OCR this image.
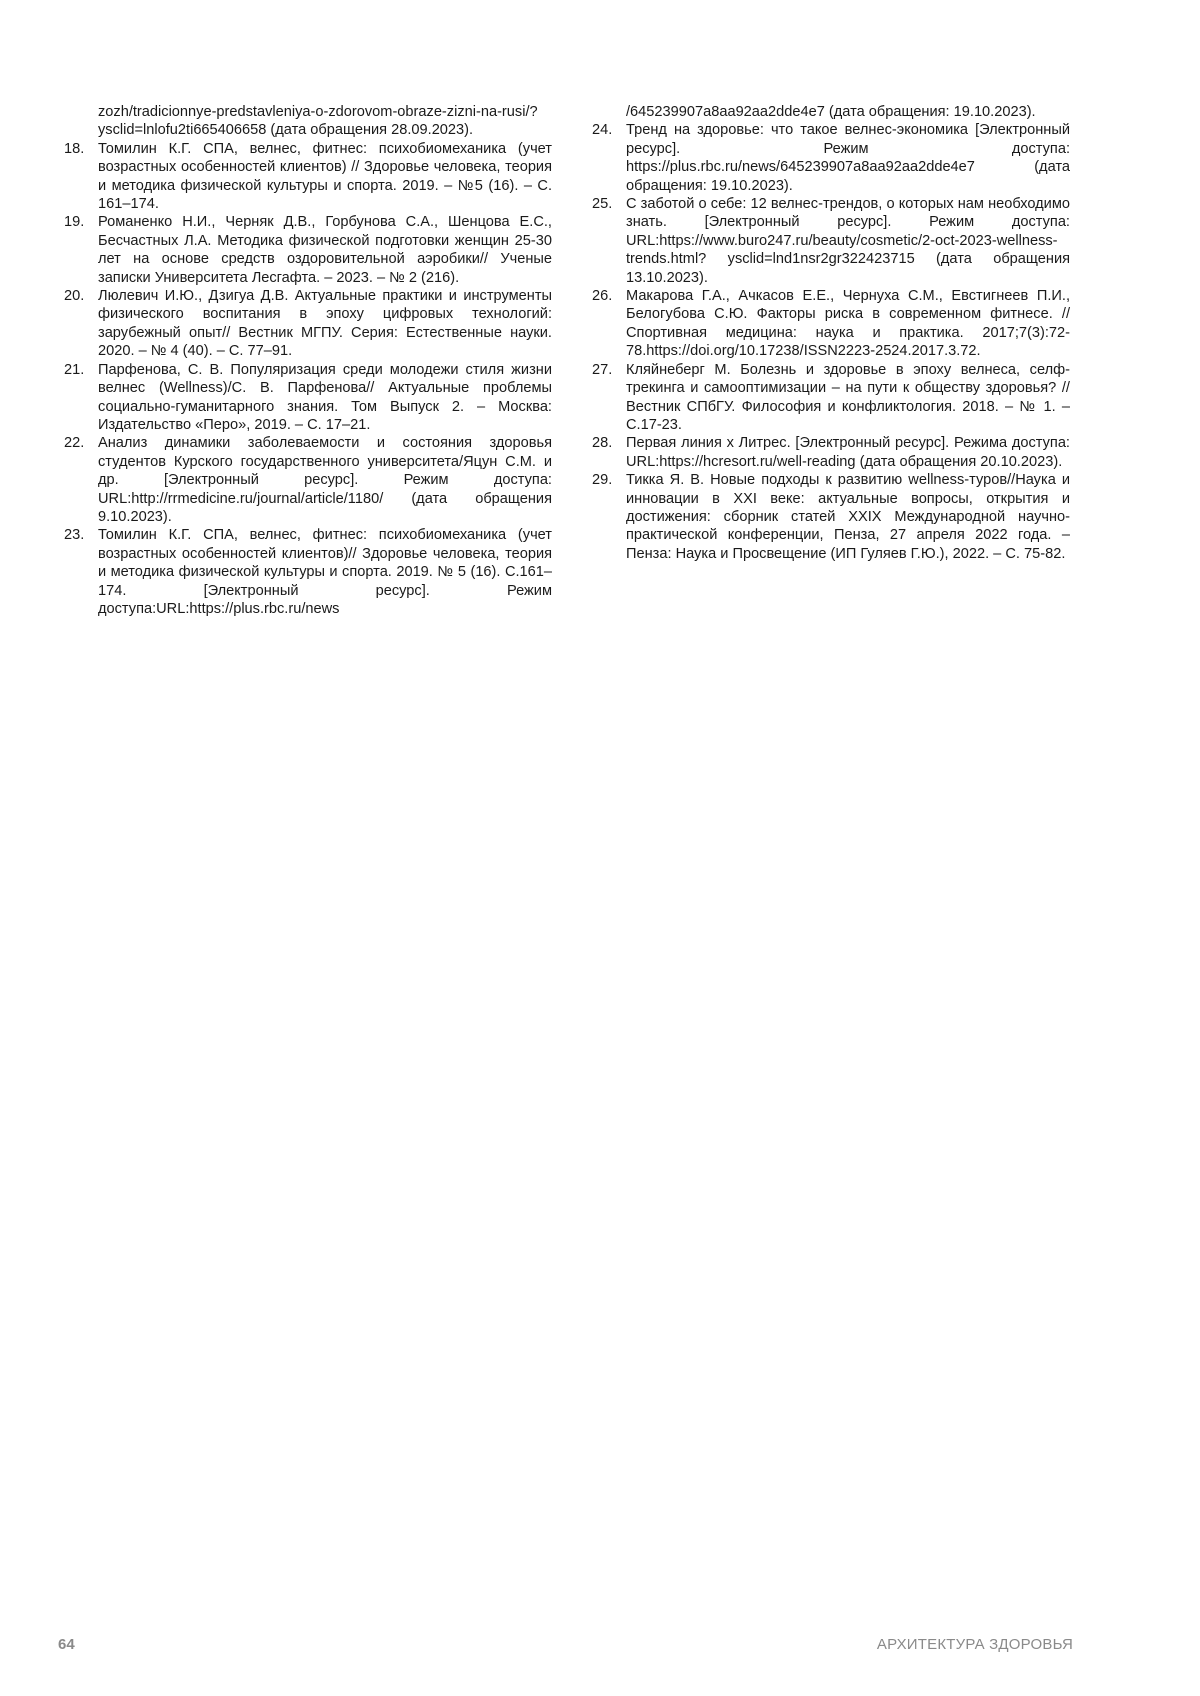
zozh/tradicionnye-predstavleniya-o-zdorovom-obraze-zizni-na-rusi/?ysclid=lnlofu2ti665406658 (дата обращения 28.09.2023).
18. Томилин К.Г. СПА, велнес, фитнес: психобиомеханика (учет возрастных особенностей клиентов) // Здоровье человека, теория и методика физической культуры и спорта. 2019. – №5 (16). – С. 161–174.
19. Романенко Н.И., Черняк Д.В., Горбунова С.А., Шенцова Е.С., Бесчастных Л.А. Методика физической подготовки женщин 25-30 лет на основе средств оздоровительной аэробики// Ученые записки Университета Лесгафта. – 2023. – № 2 (216).
20. Люлевич И.Ю., Дзигуа Д.В. Актуальные практики и инструменты физического воспитания в эпоху цифровых технологий: зарубежный опыт// Вестник МГПУ. Серия: Естественные науки. 2020. – № 4 (40). – С. 77–91.
21. Парфенова, С. В. Популяризация среди молодежи стиля жизни велнес (Wellness)/С. В. Парфенова// Актуальные проблемы социально-гуманитарного знания. Том Выпуск 2. – Москва: Издательство «Перо», 2019. – С. 17–21.
22. Анализ динамики заболеваемости и состояния здоровья студентов Курского государственного университета/Яцун С.М. и др. [Электронный ресурс]. Режим доступа: URL:http://rrmedicine.ru/journal/article/1180/ (дата обращения 9.10.2023).
23. Томилин К.Г. СПА, велнес, фитнес: психобиомеханика (учет возрастных особенностей клиентов)// Здоровье человека, теория и методика физической культуры и спорта. 2019. № 5 (16). С.161–174. [Электронный ресурс]. Режим доступа:URL:https://plus.rbc.ru/news
/645239907a8aa92aa2dde4e7 (дата обращения: 19.10.2023).
24. Тренд на здоровье: что такое велнес-экономика [Электронный ресурс]. Режим доступа: https://plus.rbc.ru/news/645239907a8aa92aa2dde4e7 (дата обращения: 19.10.2023).
25. С заботой о себе: 12 велнес-трендов, о которых нам необходимо знать. [Электронный ресурс]. Режим доступа: URL:https://www.buro247.ru/beauty/cosmetic/2-oct-2023-wellness-trends.html? ysclid=lnd1nsr2gr322423715 (дата обращения 13.10.2023).
26. Макарова Г.А., Ачкасов Е.Е., Чернуха С.М., Евстигнеев П.И., Белогубова С.Ю. Факторы риска в современном фитнесе. //Спортивная медицина: наука и практика. 2017;7(3):72-78.https://doi.org/10.17238/ISSN2223-2524.2017.3.72.
27. Кляйнеберг М. Болезнь и здоровье в эпоху велнеса, селф-трекинга и самооптимизации – на пути к обществу здоровья? // Вестник СПбГУ. Философия и конфликтология. 2018. – № 1. – С.17-23.
28. Первая линия х Литрес. [Электронный ресурс]. Режима доступа: URL:https://hcresort.ru/well-reading (дата обращения 20.10.2023).
29. Тикка Я. В. Новые подходы к развитию wellness-туров//Наука и инновации в XXI веке: актуальные вопросы, открытия и достижения: сборник статей XXIX Международной научно-практической конференции, Пенза, 27 апреля 2022 года. – Пенза: Наука и Просвещение (ИП Гуляев Г.Ю.), 2022. – С. 75-82.
64	АРХИТЕКТУРА ЗДОРОВЬЯ
